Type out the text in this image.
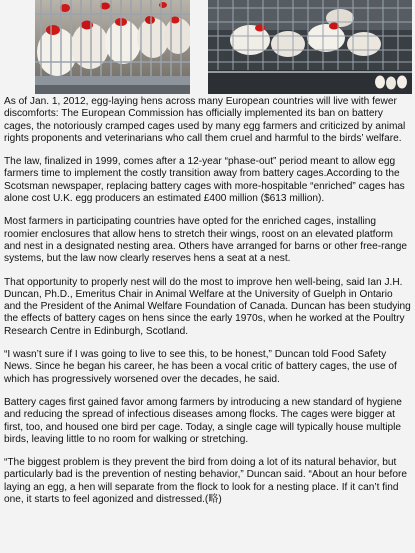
As of Jan. 1, 2012, egg-laying hens across many European countries will live with fewer discomforts: The European Commission has officially implemented its ban on battery cages, the notoriously cramped cages used by many egg farmers and criticized by animal rights proponents and veterinarians who call them cruel and harmful to the birds’ welfare.

The law, finalized in 1999, comes after a 12-year “phase-out” period meant to allow egg farmers time to implement the costly transition away from battery cages.According to the Scotsman newspaper, replacing battery cages with more-hospitable “enriched” cages has alone cost U.K. egg producers an estimated £400 million ($613 million).

Most farmers in participating countries have opted for the enriched cages, installing roomier enclosures that allow hens to stretch their wings, roost on an elevated platform and nest in a designated nesting area. Others have arranged for barns or other free-range systems, but the law now clearly reserves hens a seat at a nest.

That opportunity to properly nest will do the most to improve hen well-being, said Ian J.H. Duncan, Ph.D., Emeritus Chair in Animal Welfare at the University of Guelph in Ontario and the President of the Animal Welfare Foundation of Canada. Duncan has been studying the effects of battery cages on hens since the early 1970s, when he worked at the Poultry Research Centre in Edinburgh, Scotland.

“I wasn’t sure if I was going to live to see this, to be honest,” Duncan told Food Safety News. Since he began his career, he has been a vocal critic of battery cages, the use of which has progressively worsened over the decades, he said.

Battery cages first gained favor among farmers by introducing a new standard of hygiene and reducing the spread of infectious diseases among flocks. The cages were bigger at first, too, and housed one bird per cage. Today, a single cage will typically house multiple birds, leaving little to no room for walking or stretching.

“The biggest problem is they prevent the bird from doing a lot of its natural behavior, but particularly bad is the prevention of nesting behavior,” Duncan said. “About an hour before laying an egg, a hen will separate from the flock to look for a nesting place. If it can’t find one, it starts to feel agonized and distressed.(略)
